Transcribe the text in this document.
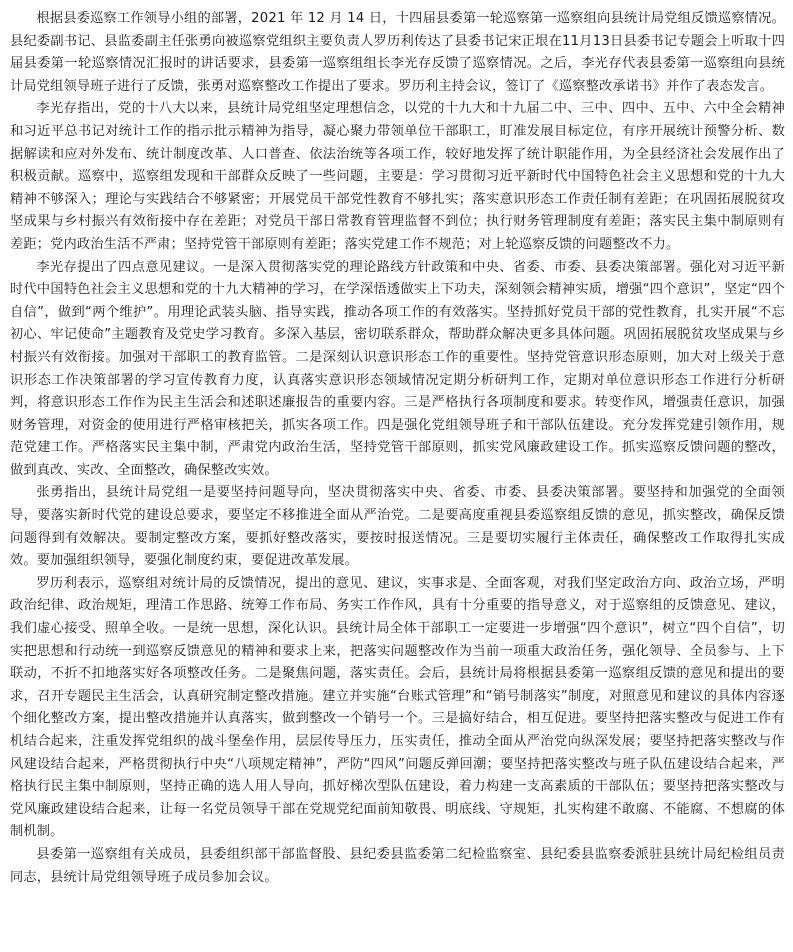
根据县委巡察工作领导小组的部署，2021 年 12 月 14 日，十四届县委第一轮巡察第一巡察组向县统计局党组反馈巡察情况。县纪委副书记、县监委副主任张勇向被巡察党组织主要负责人罗历利传达了县委书记宋正垠在11月13日县委书记专题会上听取十四届县委第一轮巡察情况汇报时的讲话要求，县委第一巡察组组长李光存反馈了巡察情况。之后，李光存代表县委第一巡察组向县统计局党组领导班子进行了反馈，张勇对巡察整改工作提出了要求。罗历利主持会议，签订了《巡察整改承诺书》并作了表态发言。

李光存指出，党的十八大以来，县统计局党组坚定理想信念，以党的十九大和十九届二中、三中、四中、五中、六中全会精神和习近平总书记对统计工作的指示批示精神为指导，凝心聚力带领单位干部职工，盯准发展目标定位，有序开展统计预警分析、数据解读和应对外发布、统计制度改革、人口普查、依法治统等各项工作，较好地发挥了统计职能作用，为全县经济社会发展作出了积极贡献。巡察中，巡察组发现和干部群众反映了一些问题，主要是：学习贯彻习近平新时代中国特色社会主义思想和党的十九大精神不够深入；理论与实践结合不够紧密；开展党员干部党性教育不够扎实；落实意识形态工作责任制有差距；在巩固拓展脱贫攻坚成果与乡村振兴有效衔接中存在差距；对党员干部日常教育管理监督不到位；执行财务管理制度有差距；落实民主集中制原则有差距；党内政治生活不严肃；坚持党管干部原则有差距；落实党建工作不规范；对上轮巡察反馈的问题整改不力。

李光存提出了四点意见建议。一是深入贯彻落实党的理论路线方针政策和中央、省委、市委、县委决策部署。强化对习近平新时代中国特色社会主义思想和党的十九大精神的学习，在学深悟透做实上下功夫，深刻领会精神实质，增强“四个意识”，坚定“四个自信”，做到“两个维护”。用理论武装头脑、指导实践，推动各项工作的有效落实。坚持抓好党员干部的党性教育，扎实开展“不忘初心、牢记使命”主题教育及党史学习教育。多深入基层，密切联系群众，帮助群众解决更多具体问题。巩固拓展脱贫攻坚成果与乡村振兴有效衔接。加强对干部职工的教育监管。二是深刻认识意识形态工作的重要性。坚持党管意识形态原则，加大对上级关于意识形态工作决策部署的学习宣传教育力度，认真落实意识形态领域情况定期分析研判工作，定期对单位意识形态工作进行分析研判，将意识形态工作作为民主生活会和述职述廉报告的重要内容。三是严格执行各项制度和要求。转变作风，增强责任意识，加强财务管理，对资金的使用进行严格审核把关，抓实各项工作。四是强化党组领导班子和干部队伍建设。充分发挥党建引领作用，规范党建工作。严格落实民主集中制，严肃党内政治生活，坚持党管干部原则，抓实党风廉政建设工作。抓实巡察反馈问题的整改，做到真改、实改、全面整改，确保整改实效。

张勇指出，县统计局党组一是要坚持问题导向，坚决贯彻落实中央、省委、市委、县委决策部署。要坚持和加强党的全面领导，要落实新时代党的建设总要求，要坚定不移推进全面从严治党。二是要高度重视县委巡察组反馈的意见，抓实整改，确保反馈问题得到有效解决。要制定整改方案，要抓好整改落实，要按时报送情况。三是要切实履行主体责任，确保整改工作取得扎实成效。要加强组织领导，要强化制度约束，要促进改革发展。

罗历利表示，巡察组对统计局的反馈情况，提出的意见、建议，实事求是、全面客观，对我们坚定政治方向、政治立场，严明政治纪律、政治规矩，理清工作思路、统筹工作布局、务实工作作风，具有十分重要的指导意义，对于巡察组的反馈意见、建议，我们虚心接受、照单全收。一是统一思想，深化认识。县统计局全体干部职工一定要进一步增强“四个意识”，树立“四个自信”，切实把思想和行动统一到巡察反馈意见的精神和要求上来，把落实问题整改作为当前一项重大政治任务，强化领导、全员参与、上下联动，不折不扣地落实好各项整改任务。二是聚焦问题，落实责任。会后，县统计局将根据县委第一巡察组反馈的意见和提出的要求，召开专题民主生活会，认真研究制定整改措施。建立并实施“台账式管理”和“销号制落实”制度，对照意见和建议的具体内容逐个细化整改方案，提出整改措施并认真落实，做到整改一个销号一个。三是搞好结合，相互促进。要坚持把落实整改与促进工作有机结合起来，注重发挥党组织的战斗堡垒作用，层层传导压力，压实责任，推动全面从严治党向纵深发展；要坚持把落实整改与作风建设结合起来，严格贯彻执行中央“八项规定精神”，严防“四风”问题反弹回潮；要坚持把落实整改与班子队伍建设结合起来，严格执行民主集中制原则，坚持正确的选人用人导向，抓好梯次型队伍建设，着力构建一支高素质的干部队伍；要坚持把落实整改与党风廉政建设结合起来，让每一名党员领导干部在党规党纪面前知敬畏、明底线、守规矩，扎实构建不敢腐、不能腐、不想腐的体制机制。

县委第一巡察组有关成员，县委组织部干部监督股、县纪委县监委第二纪检监察室、县纪委县监察委派驻县统计局纪检组员责同志，县统计局党组领导班子成员参加会议。
